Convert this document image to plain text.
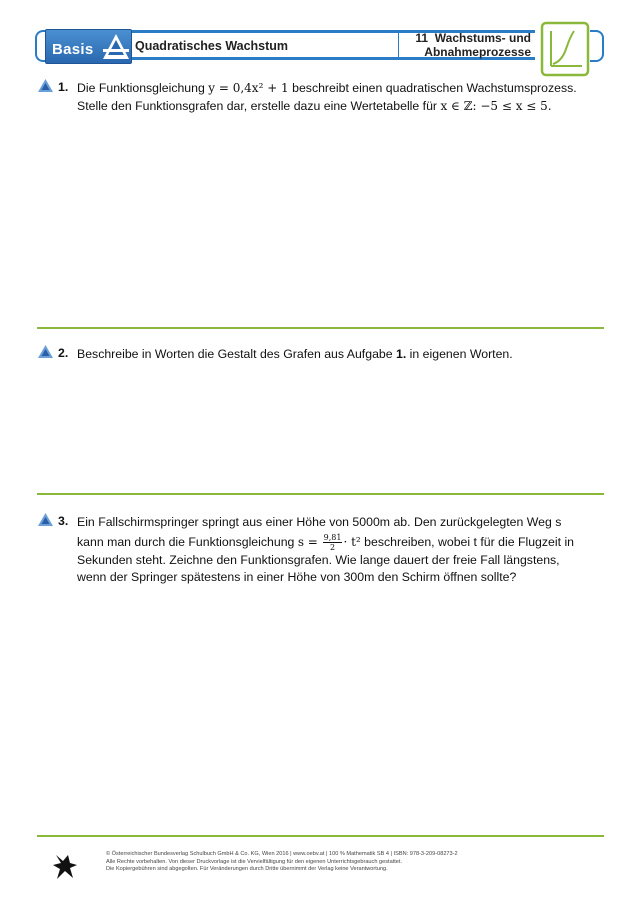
Basis	Quadratisches Wachstum
11 Wachstums- und
Abnahmeprozesse
1. Die Funktionsgleichung y = 0,4x² + 1 beschreibt einen quadratischen Wachstumsprozess.
Stelle den Funktionsgrafen dar, erstelle dazu eine Wertetabelle für x ∈ ℤ: −5 ≤ x ≤ 5.
2. Beschreibe in Worten die Gestalt des Grafen aus Aufgabe 1. in eigenen Worten.
3. Ein Fallschirmspringer springt aus einer Höhe von 5000m ab. Den zurückgelegten Weg s
kann man durch die Funktionsgleichung $s = \frac{9,81}{2} \cdot t^2$ beschreiben, wobei t für die Flugzeit in
Sekunden steht. Zeichne den Funktionsgrafen. Wie lange dauert der freie Fall längstens,
wenn der Springer spätestens in einer Höhe von 300m den Schirm öffnen sollte?
© Österreichischer Bundesverlag Schulbuch GmbH & Co. KG, Wien 2016 | www.oebv.at | 100 % Mathematik SB 4 | ISBN: 978-3-209-08273-2
Alle Rechte vorbehalten. Von dieser Druckvorlage ist die Vervielfältigung für den eigenen Unterrichtsgebrauch gestattet.
Die Kopiergebühren sind abgegolten. Für Veränderungen durch Dritte übernimmt der Verlag keine Verantwortung.
